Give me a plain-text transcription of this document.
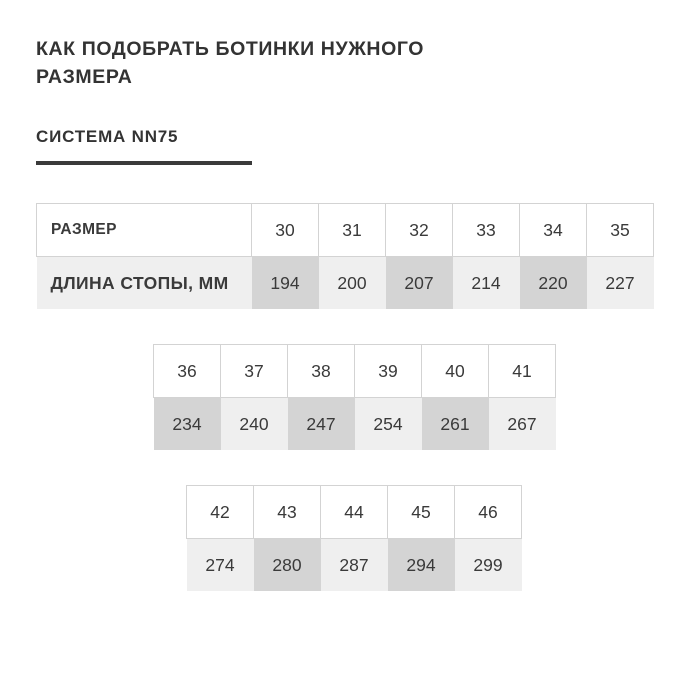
КАК ПОДОБРАТЬ БОТИНКИ НУЖНОГО РАЗМЕРА
СИСТЕМА NN75
РАЗМЕР	30	31	32	33	34	35
ДЛИНА СТОПЫ, ММ	194	200	207	214	220	227
36	37	38	39	40	41
234	240	247	254	261	267
42	43	44	45	46
274	280	287	294	299
